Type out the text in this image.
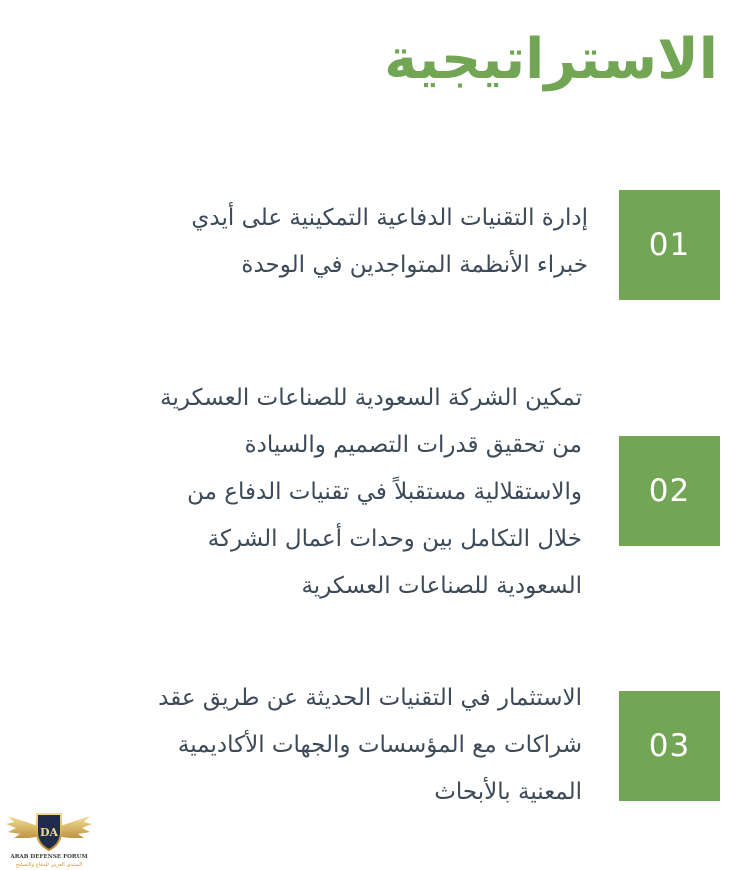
الاستراتيجية
01

إدارة التقنيات الدفاعية التمكينية على أيدي
خبراء الأنظمة المتواجدين في الوحدة

02

تمكين الشركة السعودية للصناعات العسكرية
من تحقيق قدرات التصميم والسيادة
والاستقلالية مستقبلاً في تقنيات الدفاع من
خلال التكامل بين وحدات أعمال الشركة
السعودية للصناعات العسكرية

03

الاستثمار في التقنيات الحديثة عن طريق عقد
شراكات مع المؤسسات والجهات الأكاديمية
المعنية بالأبحاث

DA
ARAB DEFENSE FORUM
المنتدى العربي للدفاع والتسليح
